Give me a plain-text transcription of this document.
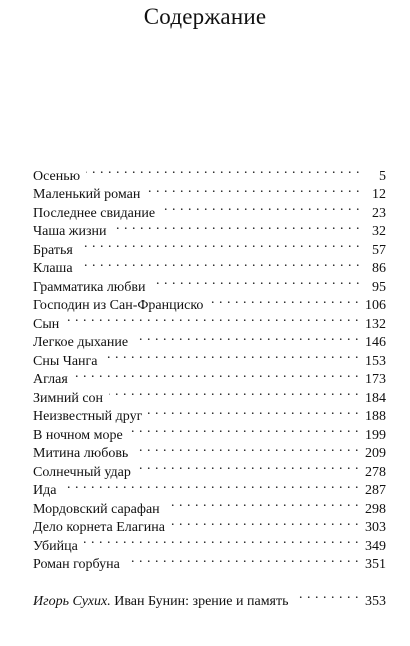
Содержание
Осенью . . .	5
Маленький роман . . .	12
Последнее свидание . . .	23
Чаша жизни . . .	32
Братья . . .	57
Клаша . . .	86
Грамматика любви . . .	95
Господин из Сан-Франциско . . .	106
Сын . . .	132
Легкое дыхание . . .	146
Сны Чанга . . .	153
Аглая . . .	173
Зимний сон . . .	184
Неизвестный друг . . .	188
В ночном море . . .	199
Митина любовь . . .	209
Солнечный удар . . .	278
Ида . . .	287
Мордовский сарафан . . .	298
Дело корнета Елагина . . .	303
Убийца . . .	349
Роман горбуна . . .	351
Игорь Сухих. Иван Бунин: зрение и память . . .	353
